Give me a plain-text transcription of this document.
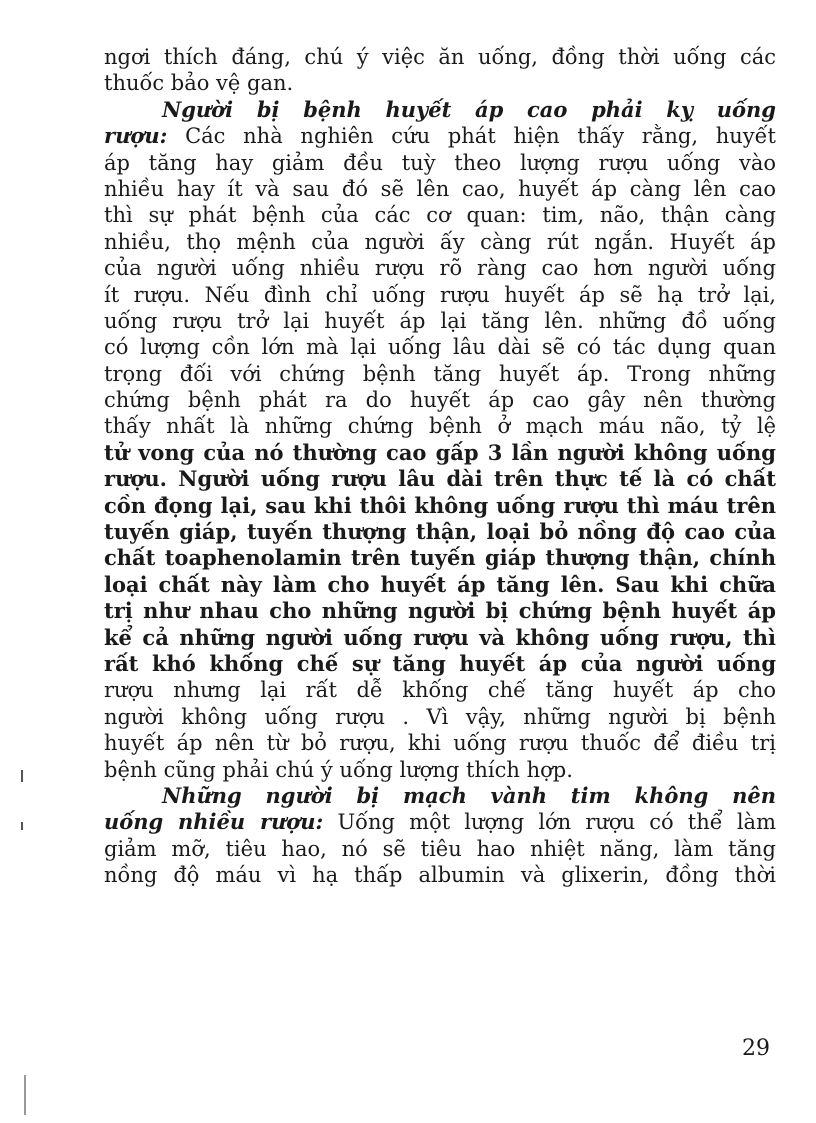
ngơi thích đáng, chú ý việc ăn uống, đồng thời uống các
thuốc bảo vệ gan.
Người bị bệnh huyết áp cao phải kỵ uống
rượu: Các nhà nghiên cứu phát hiện thấy rằng, huyết
áp tăng hay giảm đều tuỳ theo lượng rượu uống vào
nhiều hay ít và sau đó sẽ lên cao, huyết áp càng lên cao
thì sự phát bệnh của các cơ quan: tim, não, thận càng
nhiều, thọ mệnh của người ấy càng rút ngắn. Huyết áp
của người uống nhiều rượu rõ ràng cao hơn người uống
ít rượu. Nếu đình chỉ uống rượu huyết áp sẽ hạ trở lại,
uống rượu trở lại huyết áp lại tăng lên. những đồ uống
có lượng cồn lớn mà lại uống lâu dài sẽ có tác dụng quan
trọng đối với chứng bệnh tăng huyết áp. Trong những
chứng bệnh phát ra do huyết áp cao gây nên thường
thấy nhất là những chứng bệnh ở mạch máu não, tỷ lệ
tử vong của nó thường cao gấp 3 lần người không uống
rượu. Người uống rượu lâu dài trên thực tế là có chất
cồn đọng lại, sau khi thôi không uống rượu thì máu trên
tuyến giáp, tuyến thượng thận, loại bỏ nồng độ cao của
chất toaphenolamin trên tuyến giáp thượng thận, chính
loại chất này làm cho huyết áp tăng lên. Sau khi chữa
trị như nhau cho những người bị chứng bệnh huyết áp
kể cả những người uống rượu và không uống rượu, thì
rất khó khống chế sự tăng huyết áp của người uống
rượu nhưng lại rất dễ khống chế tăng huyết áp cho
người không uống rượu . Vì vậy, những người bị bệnh
huyết áp nên từ bỏ rượu, khi uống rượu thuốc để điều trị
bệnh cũng phải chú ý uống lượng thích hợp.
Những người bị mạch vành tim không nên
uống nhiều rượu: Uống một lượng lớn rượu có thể làm
giảm mỡ, tiêu hao, nó sẽ tiêu hao nhiệt năng, làm tăng
nồng độ máu vì hạ thấp albumin và glixerin, đồng thời
29
